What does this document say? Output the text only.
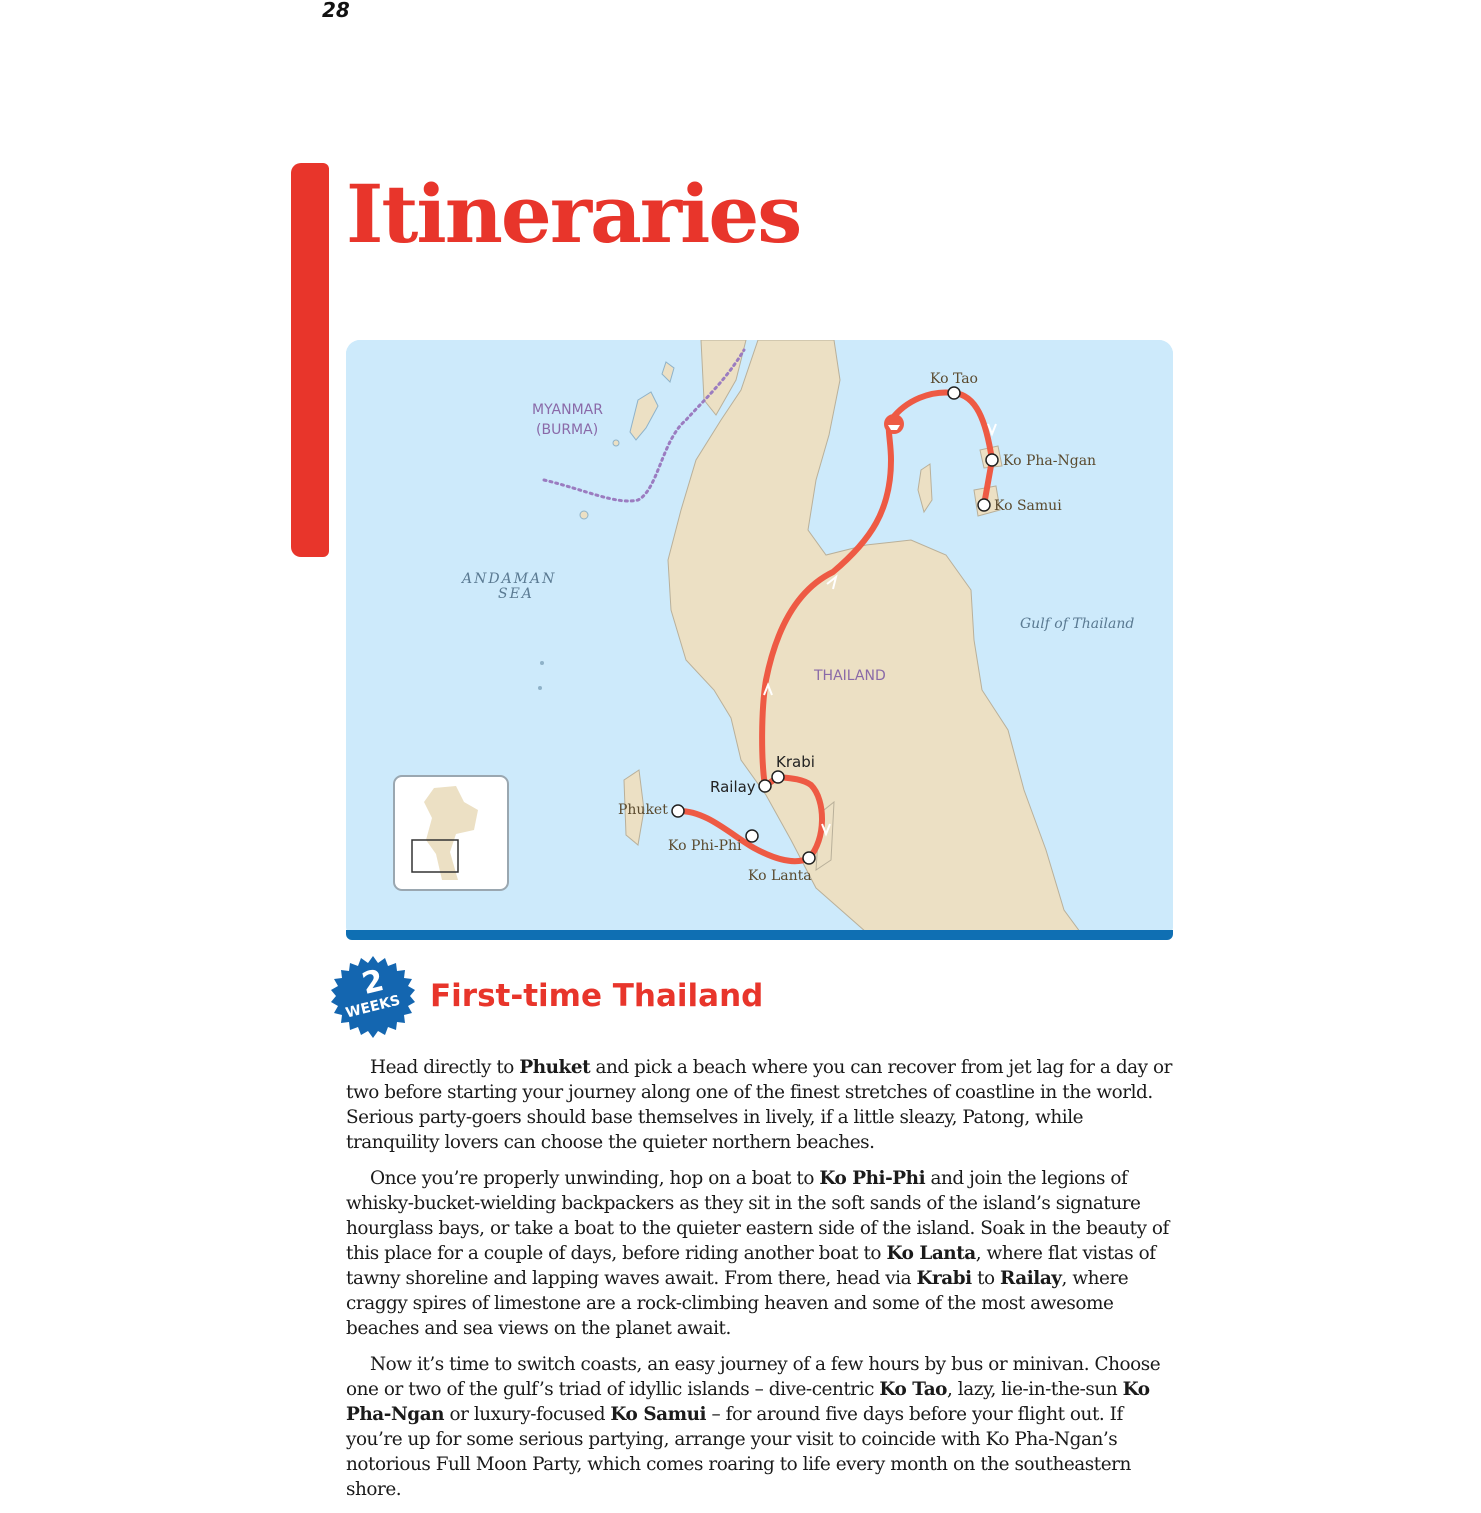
28
Itineraries
MYANMAR
(BURMA)
ANDAMAN
SEA
Gulf of Thailand
THAILAND
Ko Tao
Ko Pha-Ngan
Ko Samui
Krabi
Railay
Phuket
Ko Phi-Phi
Ko Lanta
2
WEEKS First-time Thailand

Head directly to Phuket and pick a beach where you can recover from jet lag for a day or two before starting your journey along one of the finest stretches of coastline in the world. Serious party-goers should base themselves in lively, if a little sleazy, Patong, while tranquility lovers can choose the quieter northern beaches.

Once you’re properly unwinding, hop on a boat to Ko Phi-Phi and join the legions of whisky-bucket-wielding backpackers as they sit in the soft sands of the island’s signature hourglass bays, or take a boat to the quieter eastern side of the island. Soak in the beauty of this place for a couple of days, before riding another boat to Ko Lanta, where flat vistas of tawny shoreline and lapping waves await. From there, head via Krabi to Railay, where craggy spires of limestone are a rock-climbing heaven and some of the most awesome beaches and sea views on the planet await.

Now it’s time to switch coasts, an easy journey of a few hours by bus or minivan. Choose one or two of the gulf’s triad of idyllic islands – dive-centric Ko Tao, lazy, lie-in-the-sun Ko Pha-Ngan or luxury-focused Ko Samui – for around five days before your flight out. If you’re up for some serious partying, arrange your visit to coincide with Ko Pha-Ngan’s notorious Full Moon Party, which comes roaring to life every month on the southeastern shore.
